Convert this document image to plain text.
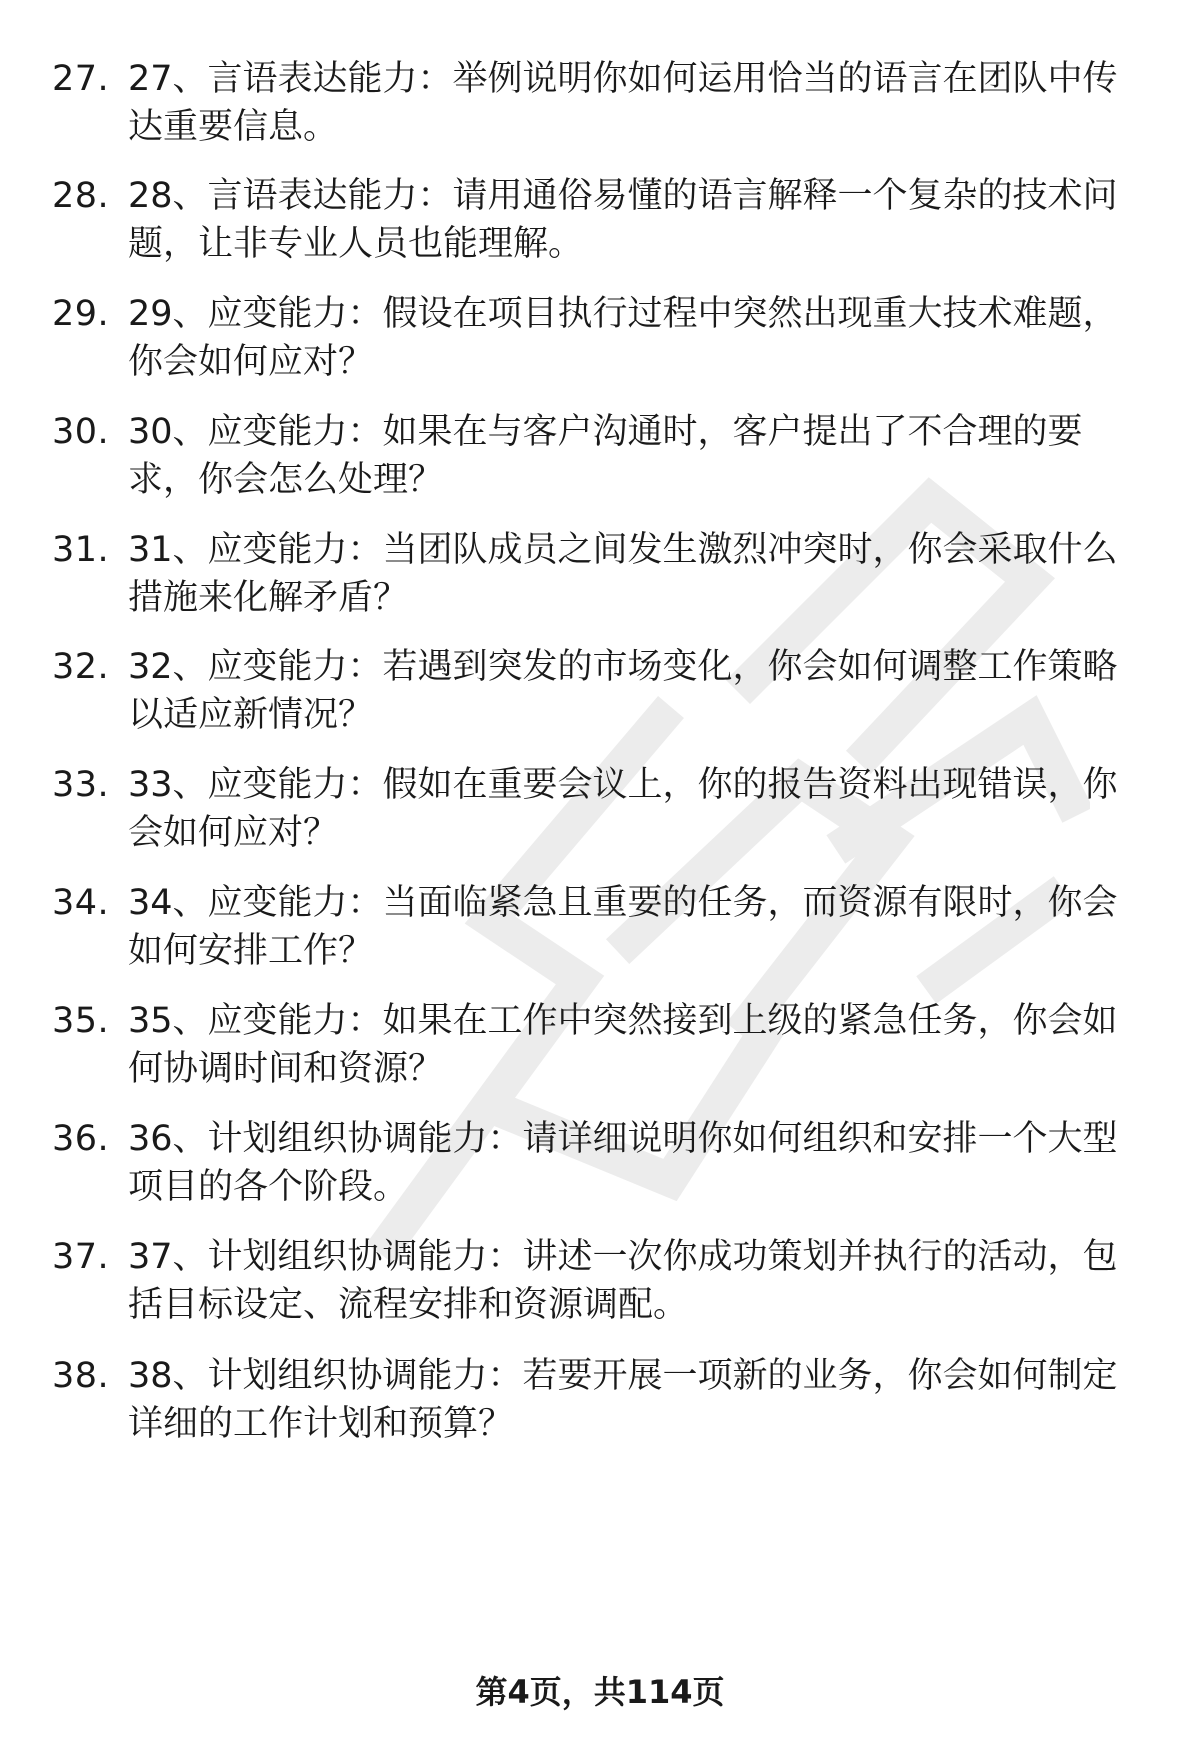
27. 27、言语表达能力：举例说明你如何运用恰当的语言在团队中传达重要信息。
28. 28、言语表达能力：请用通俗易懂的语言解释一个复杂的技术问题，让非专业人员也能理解。
29. 29、应变能力：假设在项目执行过程中突然出现重大技术难题，你会如何应对？
30. 30、应变能力：如果在与客户沟通时，客户提出了不合理的要求，你会怎么处理？
31. 31、应变能力：当团队成员之间发生激烈冲突时，你会采取什么措施来化解矛盾？
32. 32、应变能力：若遇到突发的市场变化，你会如何调整工作策略以适应新情况？
33. 33、应变能力：假如在重要会议上，你的报告资料出现错误，你会如何应对？
34. 34、应变能力：当面临紧急且重要的任务，而资源有限时，你会如何安排工作？
35. 35、应变能力：如果在工作中突然接到上级的紧急任务，你会如何协调时间和资源？
36. 36、计划组织协调能力：请详细说明你如何组织和安排一个大型项目的各个阶段。
37. 37、计划组织协调能力：讲述一次你成功策划并执行的活动，包括目标设定、流程安排和资源调配。
38. 38、计划组织协调能力：若要开展一项新的业务，你会如何制定详细的工作计划和预算？
第4页，共114页
